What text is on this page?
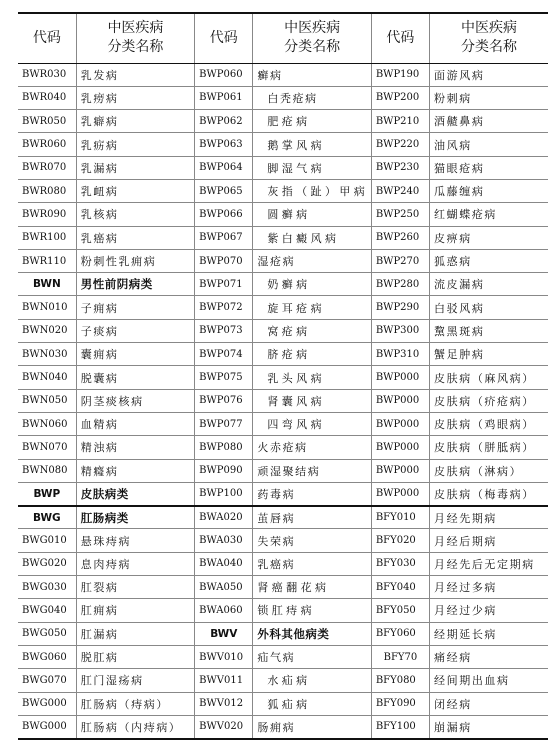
代码	中医疾病
分类名称	代码	中医疾病
分类名称	代码	中医疾病
分类名称
BWR030	乳发病	BWP060	癣病	BWP190	面游风病
BWR040	乳痨病	BWP061	白秃疮病	BWP200	粉刺病
BWR050	乳癖病	BWP062	肥疮病	BWP210	酒齄鼻病
BWR060	乳疬病	BWP063	鹅掌风病	BWP220	油风病
BWR070	乳漏病	BWP064	脚湿气病	BWP230	猫眼疮病
BWR080	乳衄病	BWP065	灰指（趾）甲病	BWP240	瓜藤缠病
BWR090	乳核病	BWP066	圆癣病	BWP250	红蝴蝶疮病
BWR100	乳癌病	BWP067	紫白癜风病	BWP260	皮痹病
BWR110	粉刺性乳痈病	BWP070	湿疮病	BWP270	狐惑病
BWN	男性前阴病类	BWP071	奶癣病	BWP280	流皮漏病
BWN010	子痈病	BWP072	旋耳疮病	BWP290	白驳风病
BWN020	子痰病	BWP073	窝疮病	BWP300	黧黑斑病
BWN030	囊痈病	BWP074	脐疮病	BWP310	蟹足肿病
BWN040	脱囊病	BWP075	乳头风病	BWP000	皮肤病（麻风病）
BWN050	阴茎痰核病	BWP076	肾囊风病	BWP000	皮肤病（疥疮病）
BWN060	血精病	BWP077	四弯风病	BWP000	皮肤病（鸡眼病）
BWN070	精浊病	BWP080	火赤疮病	BWP000	皮肤病（胼胝病）
BWN080	精癃病	BWP090	顽湿聚结病	BWP000	皮肤病（淋病）
BWP	皮肤病类	BWP100	药毒病	BWP000	皮肤病（梅毒病）
BWG	肛肠病类	BWA020	茧唇病	BFY010	月经先期病
BWG010	悬珠痔病	BWA030	失荣病	BFY020	月经后期病
BWG020	息肉痔病	BWA040	乳癌病	BFY030	月经先后无定期病
BWG030	肛裂病	BWA050	肾癌翻花病	BFY040	月经过多病
BWG040	肛痈病	BWA060	锁肛痔病	BFY050	月经过少病
BWG050	肛漏病	BWV	外科其他病类	BFY060	经期延长病
BWG060	脱肛病	BWV010	疝气病	BFY70	痛经病
BWG070	肛门湿疡病	BWV011	水疝病	BFY080	经间期出血病
BWG000	肛肠病（痔病）	BWV012	狐疝病	BFY090	闭经病
BWG000	肛肠病（内痔病）	BWV020	肠痈病	BFY100	崩漏病
